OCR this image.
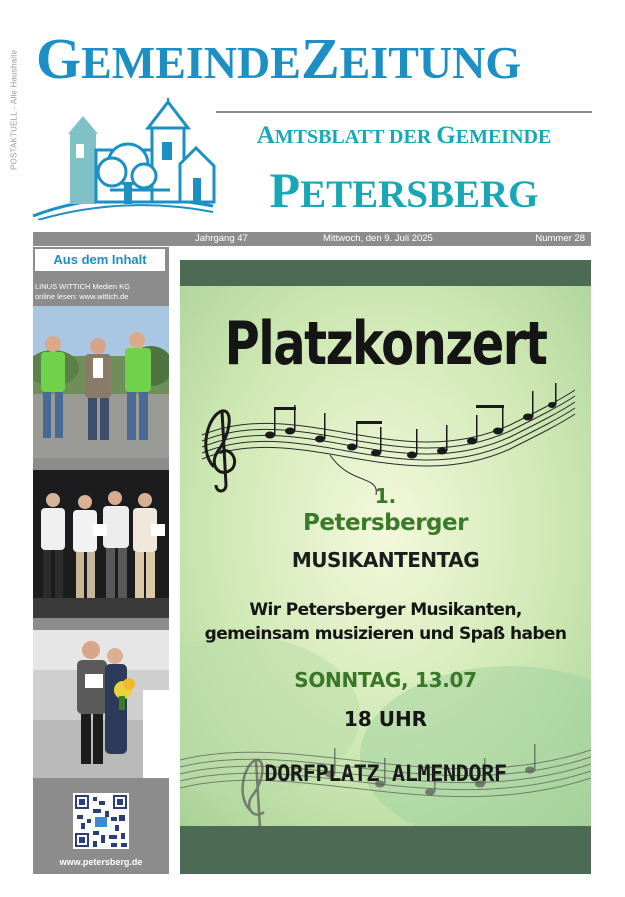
POSTAKTUELL - Alle Haushalte GEMEINDEZEITUNG
AMTSBLATT DER GEMEINDE
PETERSBERG
Jahrgang 47	Mittwoch, den 9. Juli 2025	Nummer 28
Aus dem Inhalt
LINUS WITTICH Medien KG
online lesen: www.wittich.de
www.petersberg.de
Platzkonzert
1.
Petersberger
MUSIKANTENTAG
Wir Petersberger Musikanten,
gemeinsam musizieren und Spaß haben
SONNTAG, 13.07
18 UHR
DORFPLATZ ALMENDORF
